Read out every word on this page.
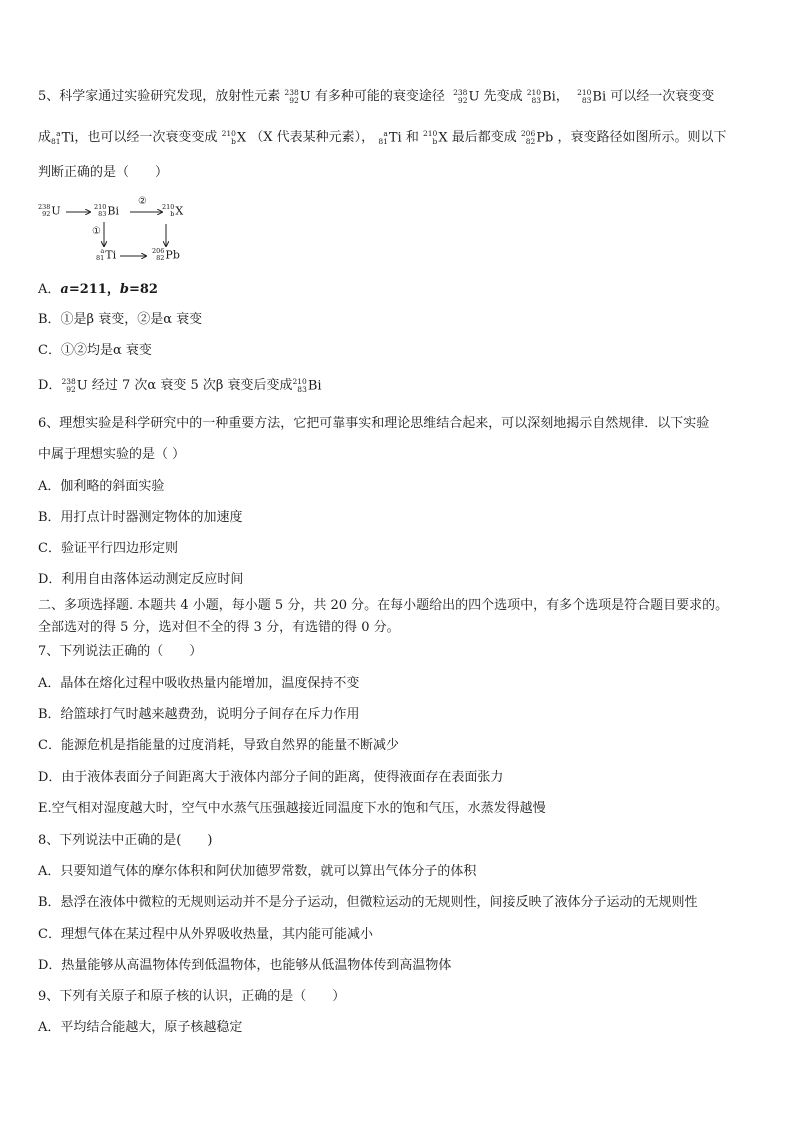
5、科学家通过实验研究发现，放射性元素 238
92 U 有多种可能的衰变途径 238
92 U 先变成 210
83 Bi， 210
83 Bi 可以经一次衰变变
成 a
81 Ti，也可以经一次衰变变成 210
b X （X 代表某种元素）， a
81 Ti 和 210
b X 最后都变成 206
82 Pb ，衰变路径如图所示。则以下
判断正确的是（　　）
238
92 U	210
83 Bi	210
b X
a
81 Ti	206
82 Pb
②
①
A．a=211，b=82
B．①是β 衰变，②是α 衰变
C．①②均是α 衰变
D． 238
92 U 经过 7 次α 衰变 5 次β 衰变后变成 210
83 Bi
6、理想实验是科学研究中的一种重要方法，它把可靠事实和理论思维结合起来，可以深刻地揭示自然规律．以下实验
中属于理想实验的是（ ）
A．伽利略的斜面实验
B．用打点计时器测定物体的加速度
C．验证平行四边形定则
D．利用自由落体运动测定反应时间
二、多项选择题. 本题共 4 小题，每小题 5 分，共 20 分。在每小题给出的四个选项中，有多个选项是符合题目要求的。
全部选对的得 5 分，选对但不全的得 3 分，有选错的得 0 分。
7、下列说法正确的（　　）
A．晶体在熔化过程中吸收热量内能增加，温度保持不变
B．给篮球打气时越来越费劲，说明分子间存在斥力作用
C．能源危机是指能量的过度消耗，导致自然界的能量不断减少
D．由于液体表面分子间距离大于液体内部分子间的距离，使得液面存在表面张力
E.空气相对湿度越大时，空气中水蒸气压强越接近同温度下水的饱和气压，水蒸发得越慢
8、下列说法中正确的是(　　)
A．只要知道气体的摩尔体积和阿伏加德罗常数，就可以算出气体分子的体积
B．悬浮在液体中微粒的无规则运动并不是分子运动，但微粒运动的无规则性，间接反映了液体分子运动的无规则性
C．理想气体在某过程中从外界吸收热量，其内能可能减小
D．热量能够从高温物体传到低温物体，也能够从低温物体传到高温物体
9、下列有关原子和原子核的认识，正确的是（　　）
A．平均结合能越大，原子核越稳定
